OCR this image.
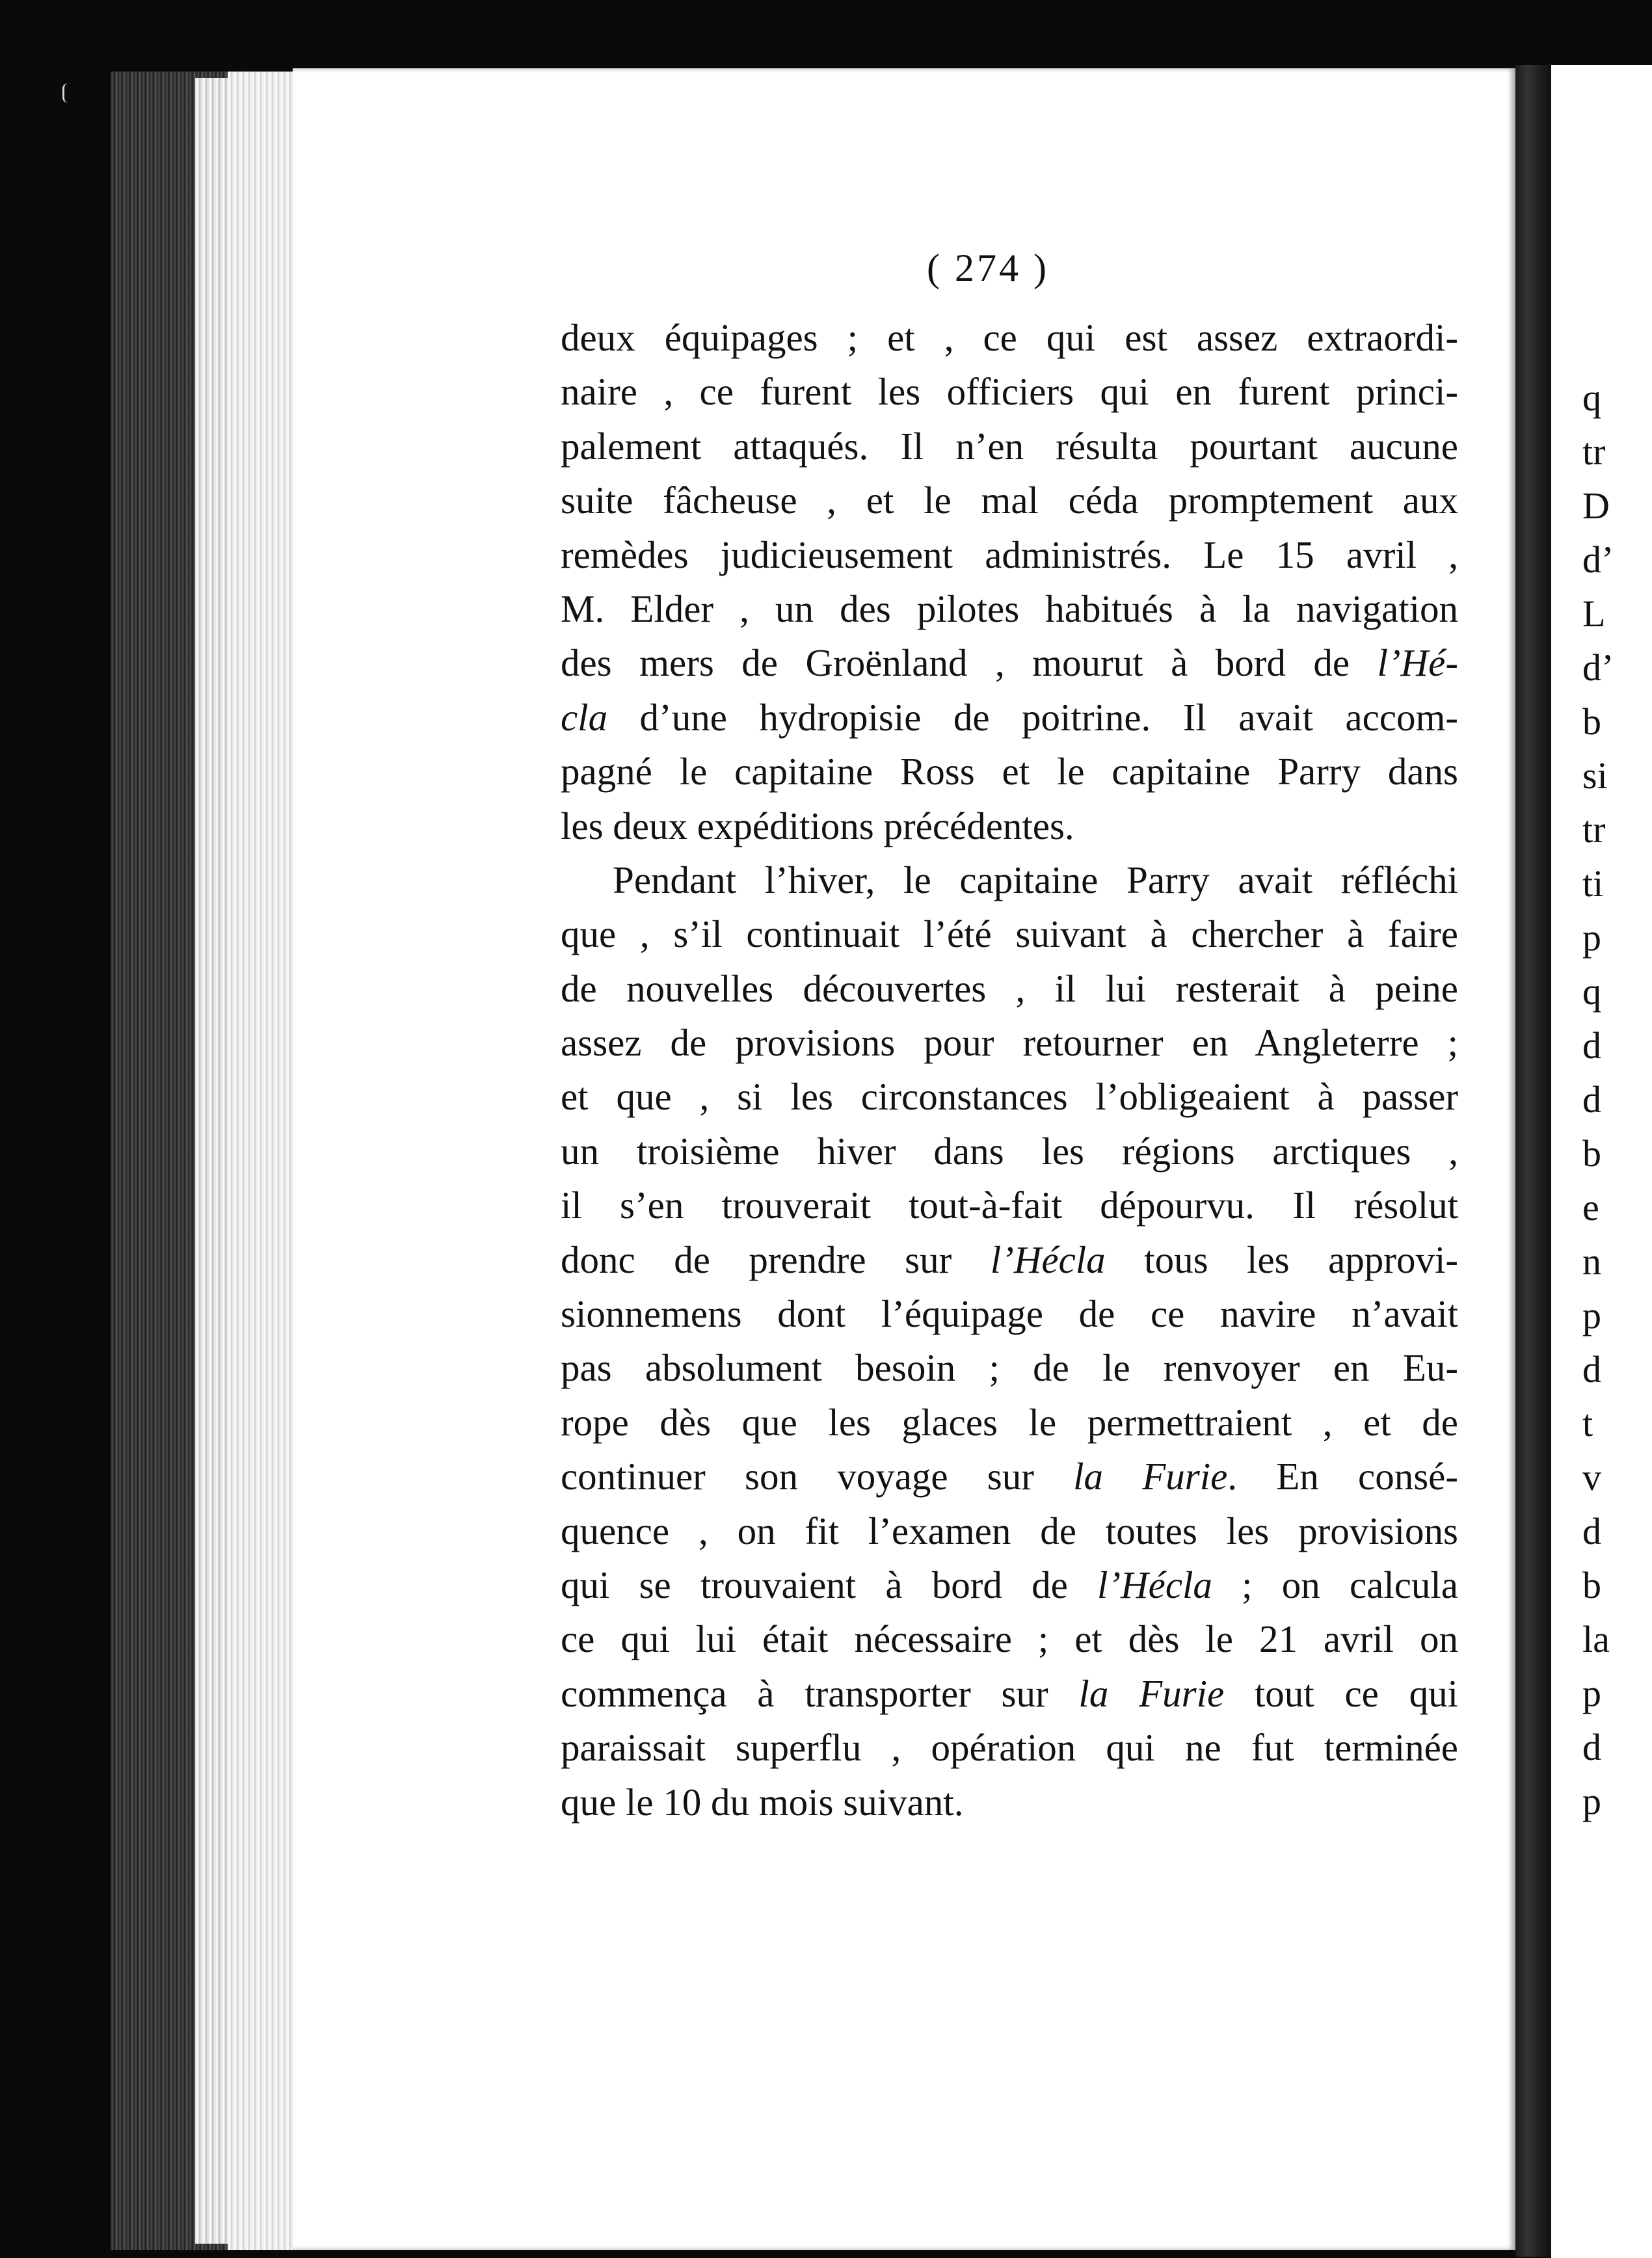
q
tr
D
d’
L
d’
b
si
tr
ti
p
q
d
d
b
e
n
p
d
t
v
d
b
la
p
d
p
( 274 )
deux équipages ; et , ce qui est assez extraordi-
naire , ce furent les officiers qui en furent princi-
palement attaqués. Il n’en résulta pourtant aucune
suite fâcheuse , et le mal céda promptement aux
remèdes judicieusement administrés. Le 15 avril ,
M. Elder , un des pilotes habitués à la navigation
des mers de Groënland , mourut à bord de l’Hé-
cla d’une hydropisie de poitrine. Il avait accom-
pagné le capitaine Ross et le capitaine Parry dans
les deux expéditions précédentes.
Pendant l’hiver, le capitaine Parry avait réfléchi
que , s’il continuait l’été suivant à chercher à faire
de nouvelles découvertes , il lui resterait à peine
assez de provisions pour retourner en Angleterre ;
et que , si les circonstances l’obligeaient à passer
un troisième hiver dans les régions arctiques ,
il s’en trouverait tout-à-fait dépourvu. Il résolut
donc de prendre sur l’Hécla tous les approvi-
sionnemens dont l’équipage de ce navire n’avait
pas absolument besoin ; de le renvoyer en Eu-
rope dès que les glaces le permettraient , et de
continuer son voyage sur la Furie. En consé-
quence , on fit l’examen de toutes les provisions
qui se trouvaient à bord de l’Hécla ; on calcula
ce qui lui était nécessaire ; et dès le 21 avril on
commença à transporter sur la Furie tout ce qui
paraissait superflu , opération qui ne fut terminée
que le 10 du mois suivant.
